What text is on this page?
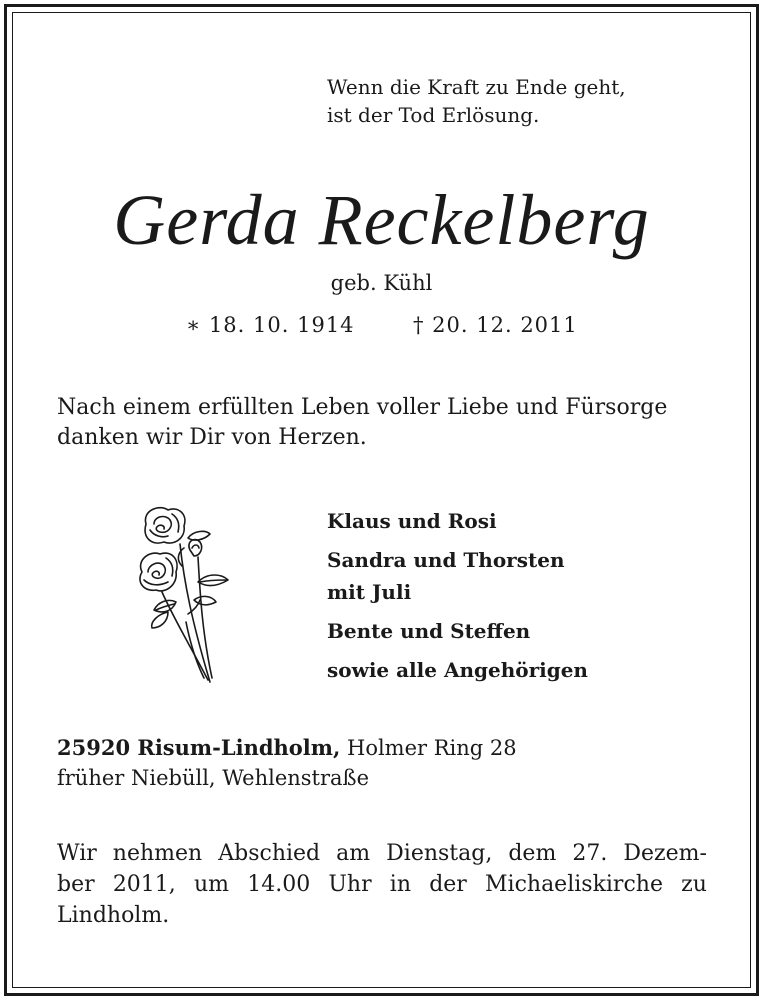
Wenn die Kraft zu Ende geht,
ist der Tod Erlösung.
Gerda Reckelberg
geb. Kühl
∗ 18. 10. 1914	† 20. 12. 2011
Nach einem erfüllten Leben voller Liebe und Fürsorge
danken wir Dir von Herzen.
Klaus und Rosi
Sandra und Thorsten
mit Juli
Bente und Steffen
sowie alle Angehörigen
25920 Risum-Lindholm, Holmer Ring 28
früher Niebüll, Wehlenstraße
Wir nehmen Abschied am Dienstag, dem 27. Dezem-
ber 2011, um 14.00 Uhr in der Michaeliskirche zu
Lindholm.
